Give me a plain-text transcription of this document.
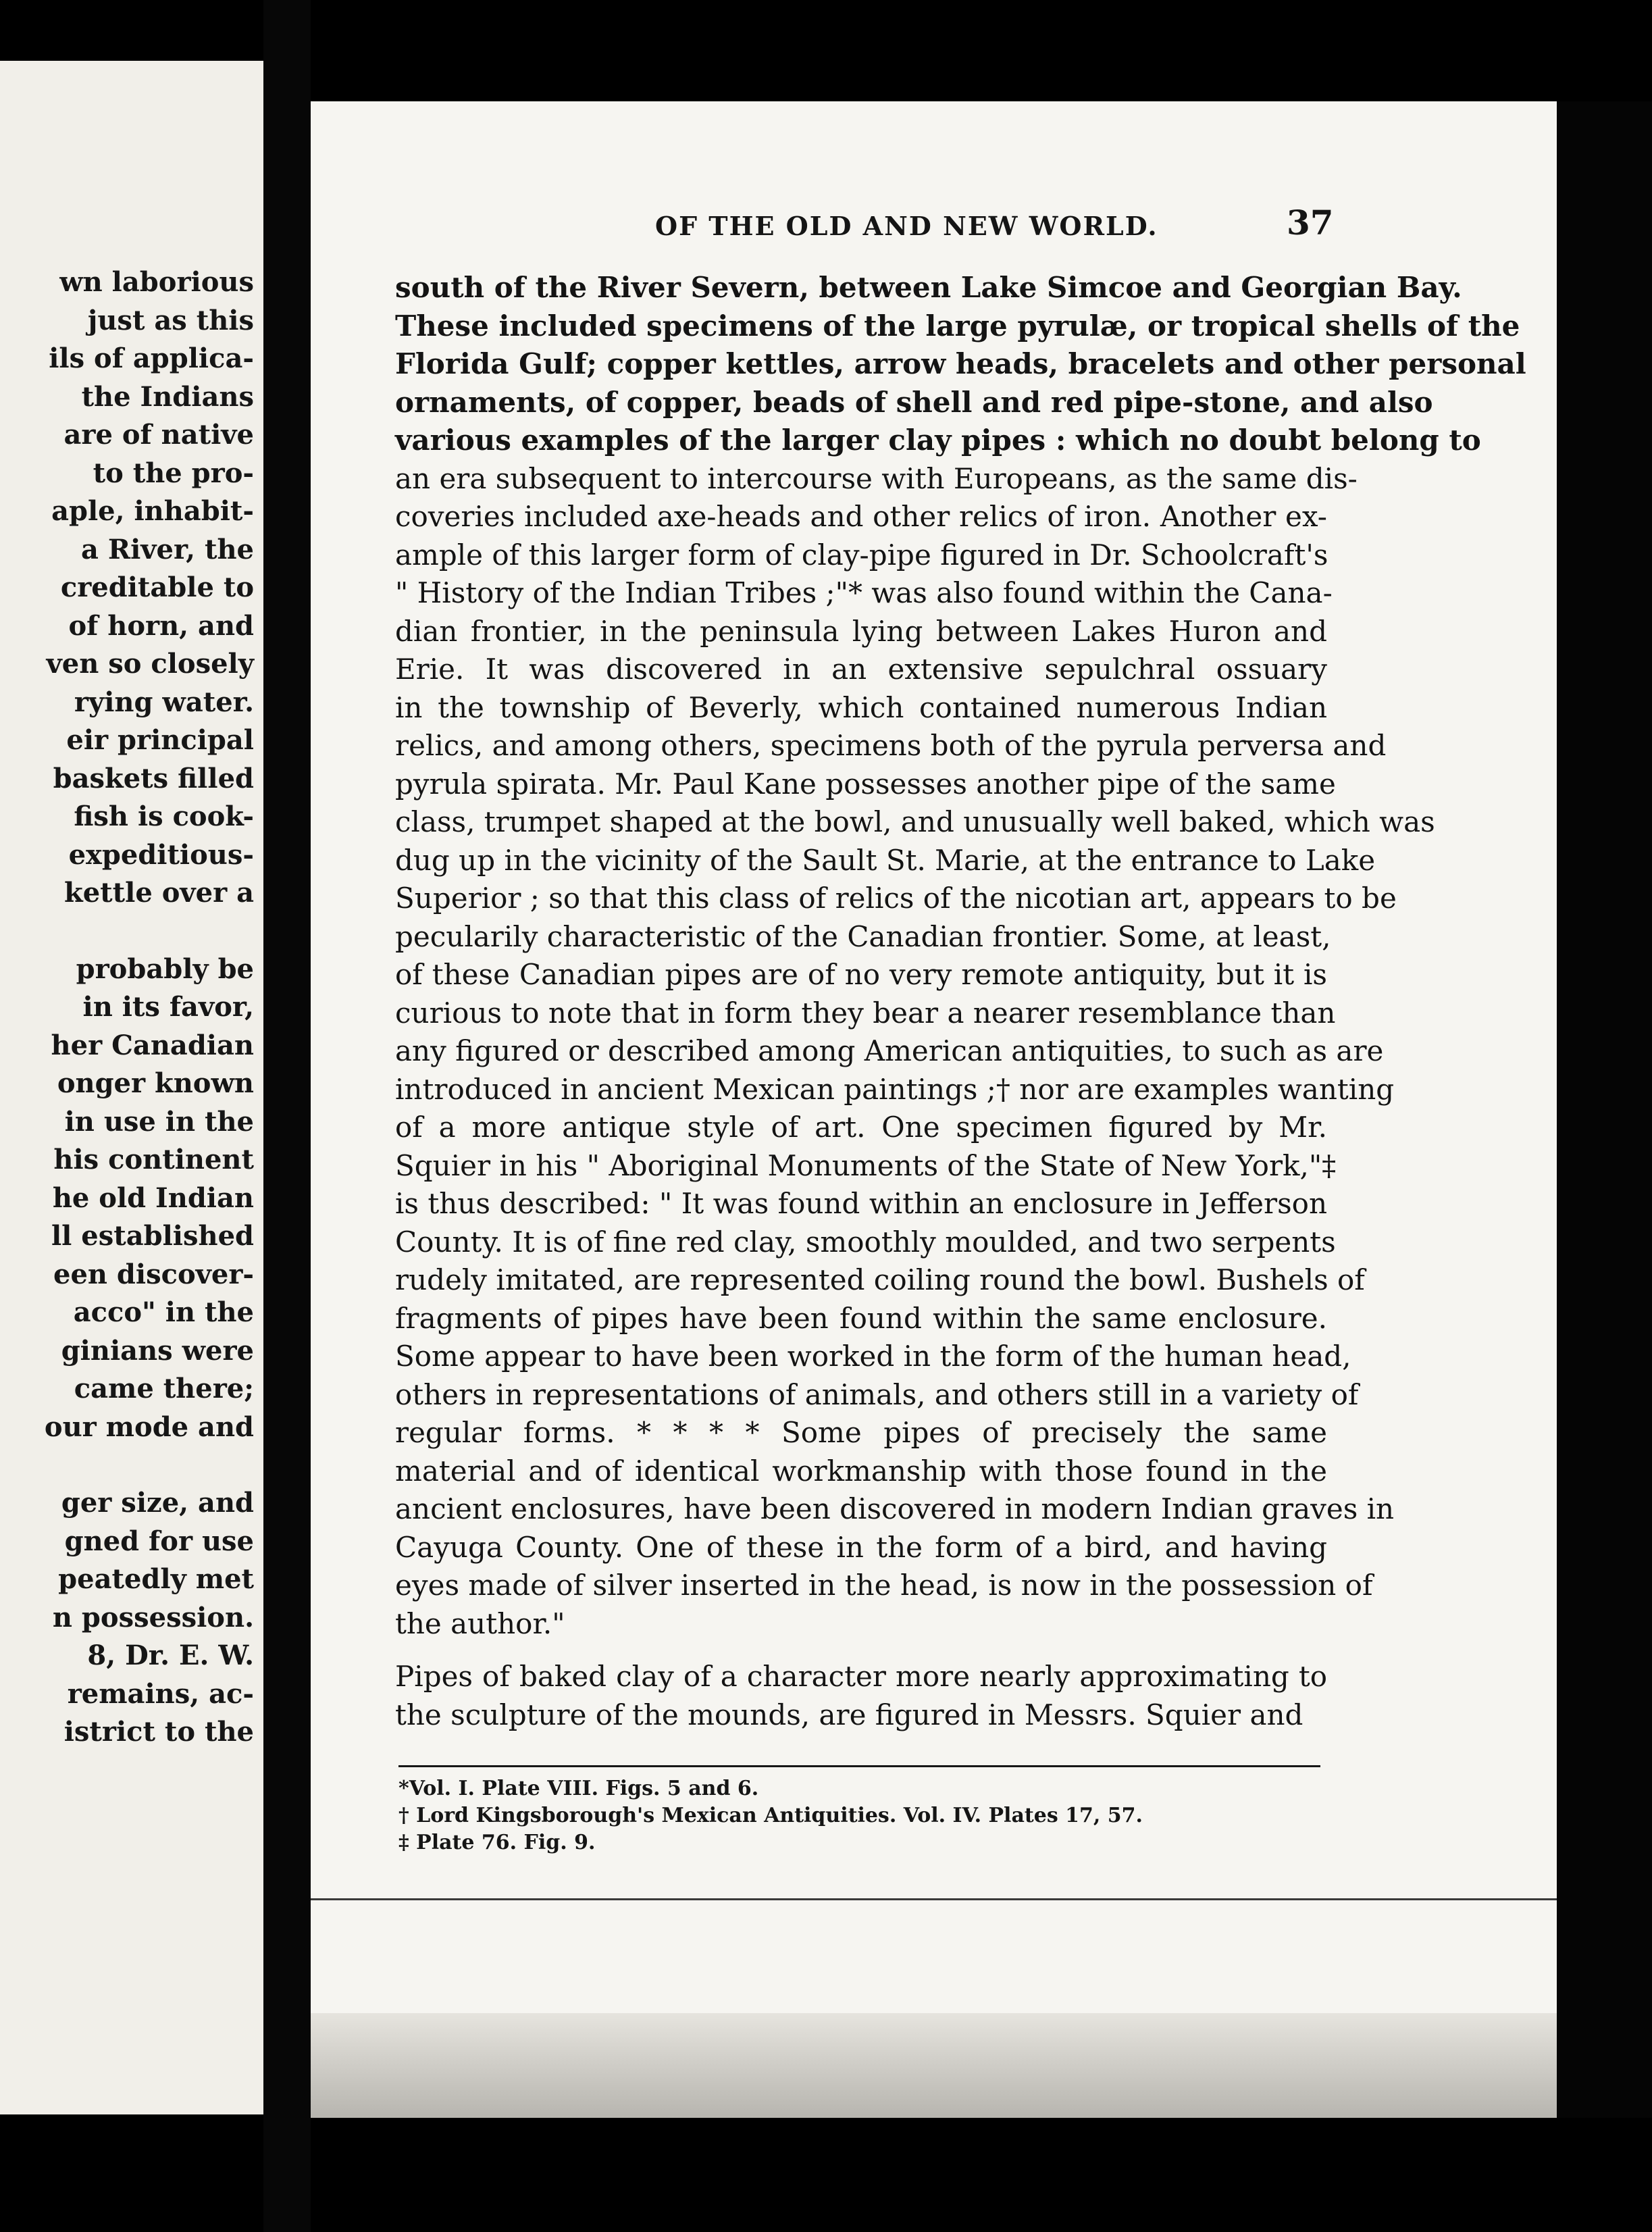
wn laborious
just as this
ils of applica-
the Indians
are of native
to the pro-
aple, inhabit-
a River, the
creditable to
of horn, and
ven so closely
rying water.
eir principal
baskets filled
fish is cook-
expeditious-
kettle over a

probably be
in its favor,
her Canadian
onger known
in use in the
his continent
he old Indian
ll established
een discover-
acco" in the
ginians were
came there;
our mode and

ger size, and
gned for use
peatedly met
n possession.
8, Dr. E. W.
remains, ac-
istrict to the
OF THE OLD AND NEW WORLD.	37
south of the River Severn, between Lake Simcoe and Georgian Bay.
These included specimens of the large pyrulæ, or tropical shells of the
Florida Gulf; copper kettles, arrow heads, bracelets and other personal
ornaments, of copper, beads of shell and red pipe-stone, and also
various examples of the larger clay pipes : which no doubt belong to
an era subsequent to intercourse with Europeans, as the same dis-
coveries included axe-heads and other relics of iron. Another ex-
ample of this larger form of clay-pipe figured in Dr. Schoolcraft's
" History of the Indian Tribes ;"* was also found within the Cana-
dian frontier, in the peninsula lying between Lakes Huron and
Erie. It was discovered in an extensive sepulchral ossuary
in the township of Beverly, which contained numerous Indian
relics, and among others, specimens both of the pyrula perversa and
pyrula spirata. Mr. Paul Kane possesses another pipe of the same
class, trumpet shaped at the bowl, and unusually well baked, which was
dug up in the vicinity of the Sault St. Marie, at the entrance to Lake
Superior ; so that this class of relics of the nicotian art, appears to be
pecularily characteristic of the Canadian frontier. Some, at least,
of these Canadian pipes are of no very remote antiquity, but it is
curious to note that in form they bear a nearer resemblance than
any figured or described among American antiquities, to such as are
introduced in ancient Mexican paintings ;† nor are examples wanting
of a more antique style of art. One specimen figured by Mr.
Squier in his " Aboriginal Monuments of the State of New York,"‡
is thus described: " It was found within an enclosure in Jefferson
County. It is of fine red clay, smoothly moulded, and two serpents
rudely imitated, are represented coiling round the bowl. Bushels of
fragments of pipes have been found within the same enclosure.
Some appear to have been worked in the form of the human head,
others in representations of animals, and others still in a variety of
regular forms. * * * * Some pipes of precisely the same
material and of identical workmanship with those found in the
ancient enclosures, have been discovered in modern Indian graves in
Cayuga County. One of these in the form of a bird, and having
eyes made of silver inserted in the head, is now in the possession of
the author."
Pipes of baked clay of a character more nearly approximating to
the sculpture of the mounds, are figured in Messrs. Squier and
*Vol. I. Plate VIII. Figs. 5 and 6.
† Lord Kingsborough's Mexican Antiquities. Vol. IV. Plates 17, 57.
‡ Plate 76. Fig. 9.
